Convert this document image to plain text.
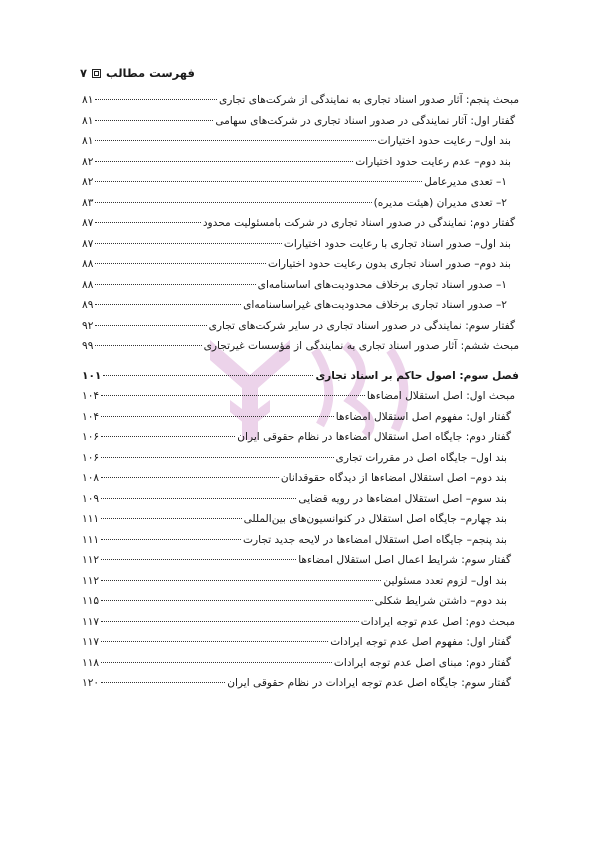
فهرست مطالب
۷
مبحث پنجم: آثار صدور اسناد تجاری به نمایندگی از شرکت‌های تجاری
۸۱
گفتار اول: آثار نمایندگی در صدور اسناد تجاری در شرکت‌های سهامی
۸۱
بند اول– رعایت حدود اختیارات
۸۱
بند دوم– عدم رعایت حدود اختیارات
۸۲
۱– تعدی مدیرعامل
۸۲
۲– تعدی مدیران (هیئت مدیره)
۸۳
گفتار دوم: نمایندگی در صدور اسناد تجاری در شرکت بامسئولیت محدود
۸۷
بند اول– صدور اسناد تجاری با رعایت حدود اختیارات
۸۷
بند دوم– صدور اسناد تجاری بدون رعایت حدود اختیارات
۸۸
۱– صدور اسناد تجاری برخلاف محدودیت‌های اساسنامه‌ای
۸۸
۲– صدور اسناد تجاری برخلاف محدودیت‌های غیراساسنامه‌ای
۸۹
گفتار سوم: نمایندگی در صدور اسناد تجاری در سایر شرکت‌های تجاری
۹۲
مبحث ششم: آثار صدور اسناد تجاری به نمایندگی از مؤسسات غیرتجاری
۹۹
فصل سوم: اصول حاکم بر اسناد تجاری
۱۰۱
مبحث اول: اصل استقلال امضاءها
۱۰۴
گفتار اول: مفهوم اصل استقلال امضاءها
۱۰۴
گفتار دوم: جایگاه اصل استقلال امضاءها در نظام حقوقی ایران
۱۰۶
بند اول– جایگاه اصل در مقررات تجاری
۱۰۶
بند دوم– اصل استقلال امضاءها از دیدگاه حقوقدانان
۱۰۸
بند سوم– اصل استقلال امضاءها در رویه قضایی
۱۰۹
بند چهارم– جایگاه اصل استقلال در کنوانسیون‌های بین‌المللی
۱۱۱
بند پنجم– جایگاه اصل استقلال امضاءها در لایحه جدید تجارت
۱۱۱
گفتار سوم: شرایط اعمال اصل استقلال امضاءها
۱۱۲
بند اول– لزوم تعدد مسئولین
۱۱۲
بند دوم– داشتن شرایط شکلی
۱۱۵
مبحث دوم: اصل عدم توجه ایرادات
۱۱۷
گفتار اول: مفهوم اصل عدم توجه ایرادات
۱۱۷
گفتار دوم: مبنای اصل عدم توجه ایرادات
۱۱۸
گفتار سوم: جایگاه اصل عدم توجه ایرادات در نظام حقوقی ایران
۱۲۰
